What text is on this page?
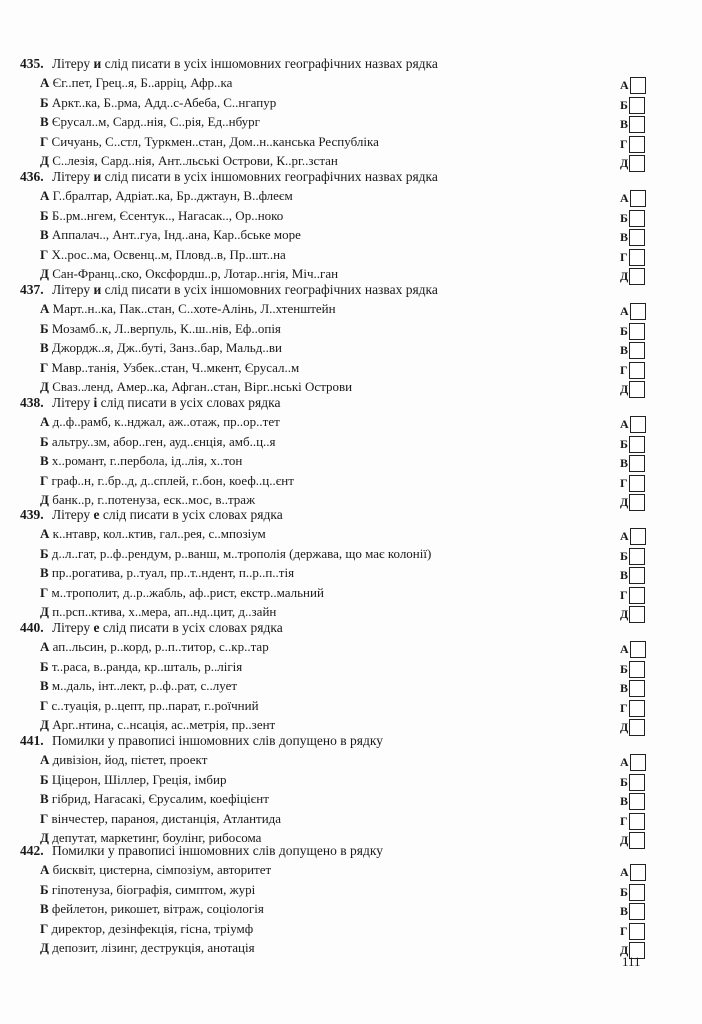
435. Літеру и слід писати в усіх іншомовних географічних назвах рядка
А Єг..пет, Грец..я, Б..арріц, Афр..ка	А
Б Аркт..ка, Б..рма, Адд..с-Абеба, С..нгапур	Б
В Єрусал..м, Сард..нія, С..рія, Ед..нбург	В
Г Сичуань, С..стл, Туркмен..стан, Дом..н..канська Республіка	Г
Д С..лезія, Сард..нія, Ант..льські Острови, К..рг..зстан	Д
436. Літеру и слід писати в усіх іншомовних географічних назвах рядка
А Г..бралтар, Адріат..ка, Бр..джтаун, В..флеєм	А
Б Б..рм..нгем, Єсентук.., Нагасак.., Ор..ноко	Б
В Аппалач.., Ант..гуа, Інд..ана, Кар..бське море	В
Г Х..рос..ма, Освенц..м, Пловд..в, Пр..шт..на	Г
Д Сан-Франц..ско, Оксфордш..р, Лотар..нгія, Міч..ган	Д
437. Літеру и слід писати в усіх іншомовних географічних назвах рядка
А Март..н..ка, Пак..стан, С..хоте-Алінь, Л..хтенштейн	А
Б Мозамб..к, Л..верпуль, К..ш..нів, Еф..опія	Б
В Джордж..я, Дж..буті, Занз..бар, Мальд..ви	В
Г Мавр..танія, Узбек..стан, Ч..мкент, Єрусал..м	Г
Д Сваз..ленд, Амер..ка, Афган..стан, Вірг..нські Острови	Д
438. Літеру і слід писати в усіх словах рядка
А д..ф..рамб, к..нджал, аж..отаж, пр..ор..тет	А
Б альтру..зм, абор..ген, ауд..єнція, амб..ц..я	Б
В х..романт, г..пербола, ід..лія, х..тон	В
Г граф..н, г..бр..д, д..сплей, г..бон, коеф..ц..єнт	Г
Д банк..р, г..потенуза, еск..мос, в..траж	Д
439. Літеру е слід писати в усіх словах рядка
А к..нтавр, кол..ктив, гал..рея, с..мпозіум	А
Б д..л..гат, р..ф..рендум, р..ванш, м..трополія (держава, що має колонії)	Б
В пр..рогатива, р..туал, пр..т..ндент, п..р..п..тія	В
Г м..трополит, д..р..жабль, аф..рист, екстр..мальний	Г
Д п..рсп..ктива, х..мера, ап..нд..цит, д..зайн	Д
440. Літеру е слід писати в усіх словах рядка
А ап..льсин, р..корд, р..п..титор, с..кр..тар	А
Б т..раса, в..ранда, кр..шталь, р..лігія	Б
В м..даль, інт..лект, р..ф..рат, с..лует	В
Г с..туація, р..цепт, пр..парат, г..роїчний	Г
Д Арг..нтина, с..нсація, ас..метрія, пр..зент	Д
441. Помилки у правописі іншомовних слів допущено в рядку
А дивізіон, йод, пієтет, проект	А
Б Цiцерон, Шіллер, Греція, імбир	Б
В гібрид, Нагасакі, Єрусалим, коефіцієнт	В
Г вінчестер, параноя, дистанція, Атлантида	Г
Д депутат, маркетинг, боулінг, рибосома	Д
442. Помилки у правописі іншомовних слів допущено в рядку
А бисквіт, цистерна, сімпозіум, авторитет	А
Б гіпотенуза, біографія, симптом, журі	Б
В фейлетон, рикошет, вітраж, соціологія	В
Г директор, дезінфекція, гісна, тріумф	Г
Д депозит, лізинг, деструкція, анотація	Д
111
